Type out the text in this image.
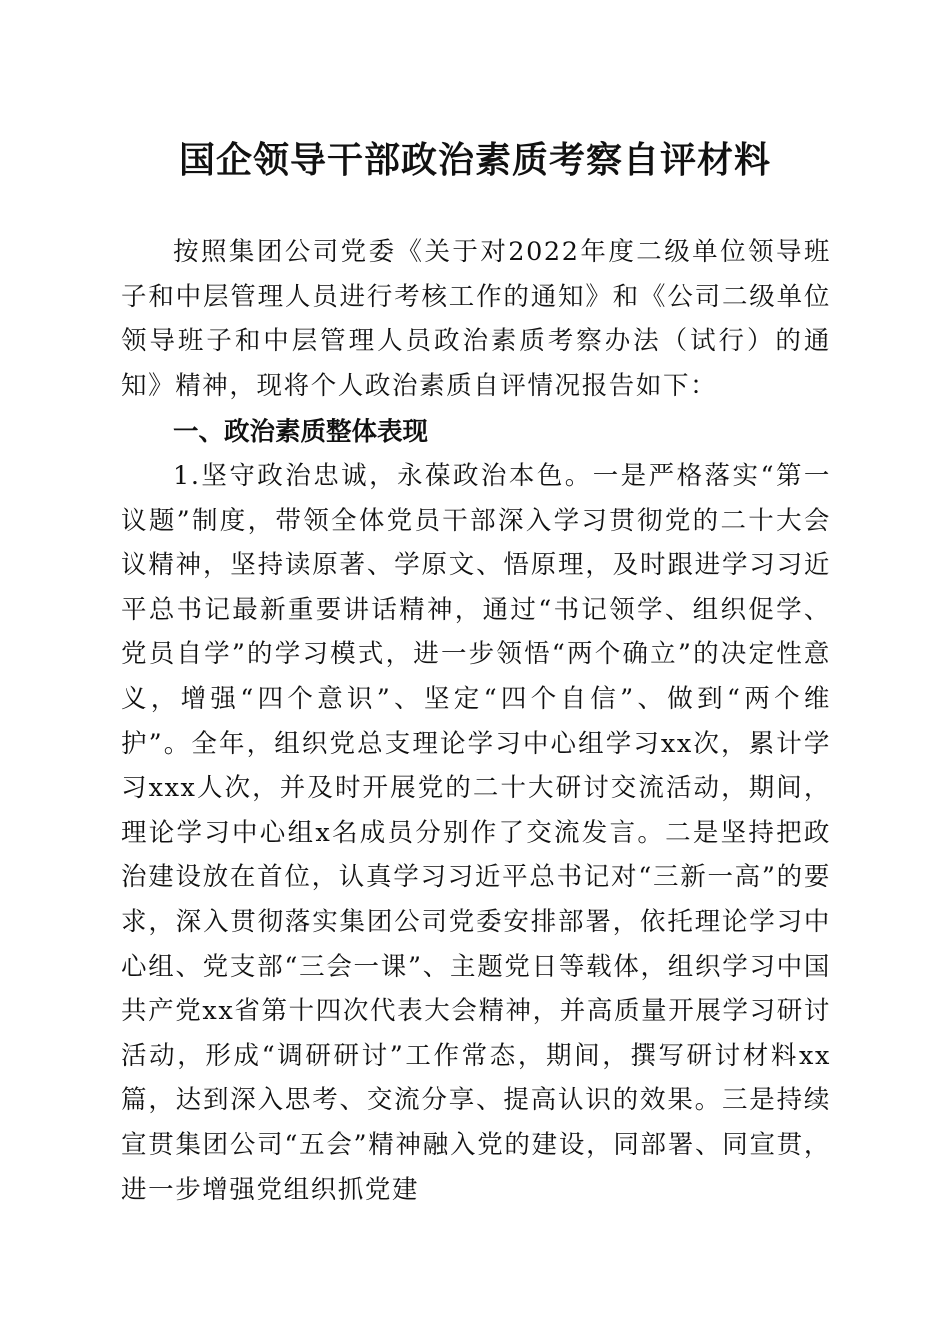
国企领导干部政治素质考察自评材料

按照集团公司党委《关于对2022年度二级单位领导班子和中层管理人员进行考核工作的通知》和《公司二级单位领导班子和中层管理人员政治素质考察办法（试行）的通知》精神，现将个人政治素质自评情况报告如下：

一、政治素质整体表现

1.坚守政治忠诚，永葆政治本色。一是严格落实“第一议题”制度，带领全体党员干部深入学习贯彻党的二十大会议精神，坚持读原著、学原文、悟原理，及时跟进学习习近平总书记最新重要讲话精神，通过“书记领学、组织促学、党员自学”的学习模式，进一步领悟“两个确立”的决定性意义，增强“四个意识”、坚定“四个自信”、做到“两个维护”。全年，组织党总支理论学习中心组学习xx次，累计学习xxx人次，并及时开展党的二十大研讨交流活动，期间，理论学习中心组x名成员分别作了交流发言。二是坚持把政治建设放在首位，认真学习习近平总书记对“三新一高”的要求，深入贯彻落实集团公司党委安排部署，依托理论学习中心组、党支部“三会一课”、主题党日等载体，组织学习中国共产党xx省第十四次代表大会精神，并高质量开展学习研讨活动，形成“调研研讨”工作常态，期间，撰写研讨材料xx篇，达到深入思考、交流分享、提高认识的效果。三是持续宣贯集团公司“五会”精神融入党的建设，同部署、同宣贯，进一步增强党组织抓党建
